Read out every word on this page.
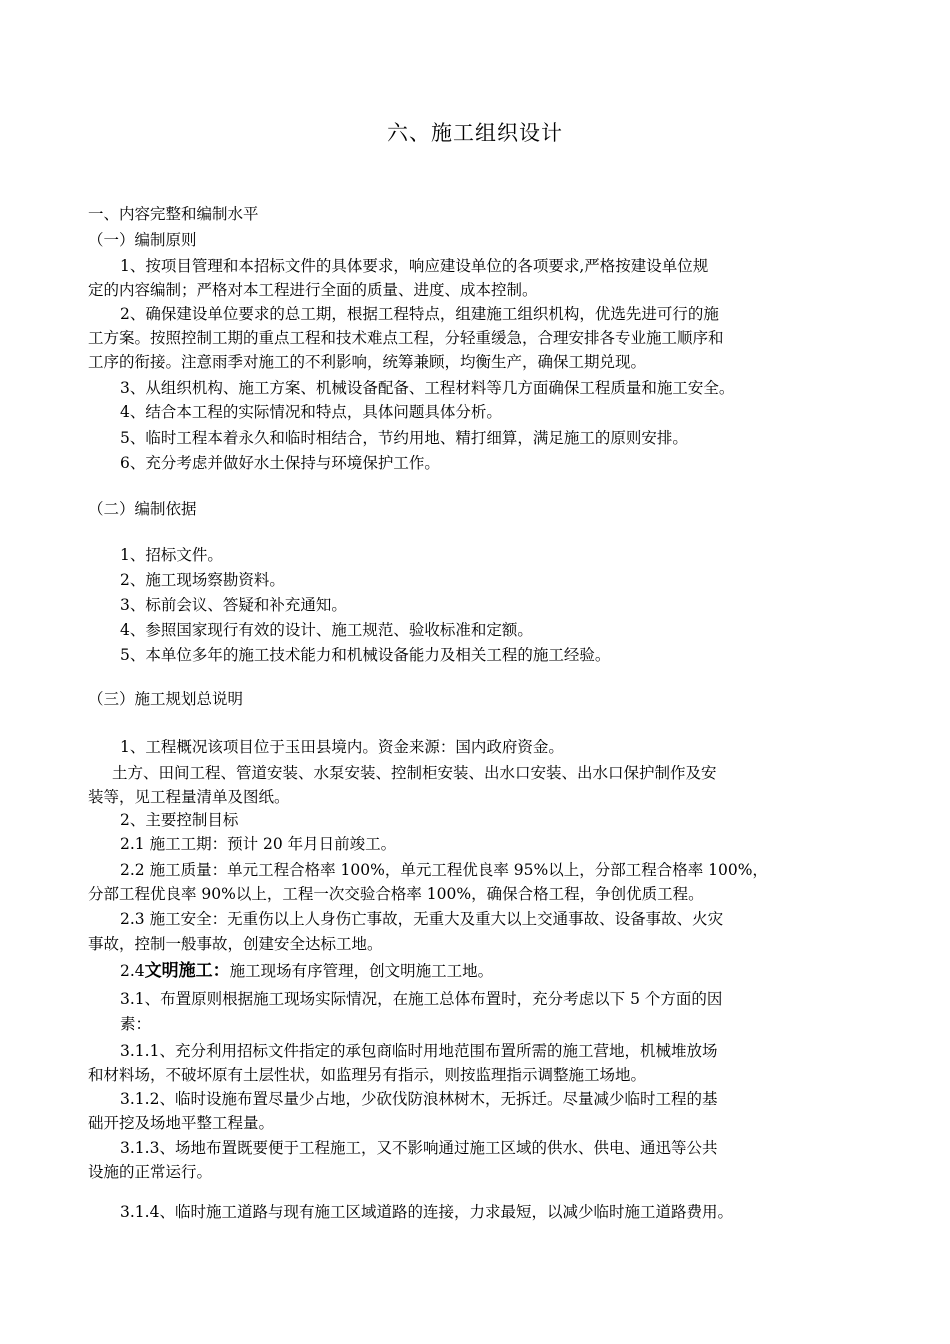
六、施工组织设计
一、内容完整和编制水平
（一）编制原则
1、按项目管理和本招标文件的具体要求，响应建设单位的各项要求,严格按建设单位规
定的内容编制；严格对本工程进行全面的质量、进度、成本控制。
2、确保建设单位要求的总工期，根据工程特点，组建施工组织机构，优选先进可行的施
工方案。按照控制工期的重点工程和技术难点工程，分轻重缓急，合理安排各专业施工顺序和
工序的衔接。注意雨季对施工的不利影响，统筹兼顾，均衡生产，确保工期兑现。
3、从组织机构、施工方案、机械设备配备、工程材料等几方面确保工程质量和施工安全。
4、结合本工程的实际情况和特点，具体问题具体分析。
5、临时工程本着永久和临时相结合，节约用地、精打细算，满足施工的原则安排。
6、充分考虑并做好水土保持与环境保护工作。
（二）编制依据
1、招标文件。
2、施工现场察勘资料。
3、标前会议、答疑和补充通知。
4、参照国家现行有效的设计、施工规范、验收标准和定额。
5、本单位多年的施工技术能力和机械设备能力及相关工程的施工经验。
（三）施工规划总说明
1、工程概况该项目位于玉田县境内。资金来源：国内政府资金。
土方、田间工程、管道安装、水泵安装、控制柜安装、出水口安装、出水口保护制作及安
装等，见工程量清单及图纸。
2、主要控制目标
2.1 施工工期：预计 20 年月日前竣工。
2.2 施工质量：单元工程合格率 100%，单元工程优良率 95%以上，分部工程合格率 100%，
分部工程优良率 90%以上，工程一次交验合格率 100%，确保合格工程，争创优质工程。
2.3 施工安全：无重伤以上人身伤亡事故，无重大及重大以上交通事故、设备事故、火灾
事故，控制一般事故，创建安全达标工地。
2.4文明施工：施工现场有序管理，创文明施工工地。
3.1、布置原则根据施工现场实际情况，在施工总体布置时，充分考虑以下 5 个方面的因
素：
3.1.1、充分利用招标文件指定的承包商临时用地范围布置所需的施工营地，机械堆放场
和材料场，不破坏原有土层性状，如监理另有指示，则按监理指示调整施工场地。
3.1.2、临时设施布置尽量少占地，少砍伐防浪林树木，无拆迁。尽量减少临时工程的基
础开挖及场地平整工程量。
3.1.3、场地布置既要便于工程施工，又不影响通过施工区域的供水、供电、通迅等公共
设施的正常运行。
3.1.4、临时施工道路与现有施工区域道路的连接，力求最短，以减少临时施工道路费用。
